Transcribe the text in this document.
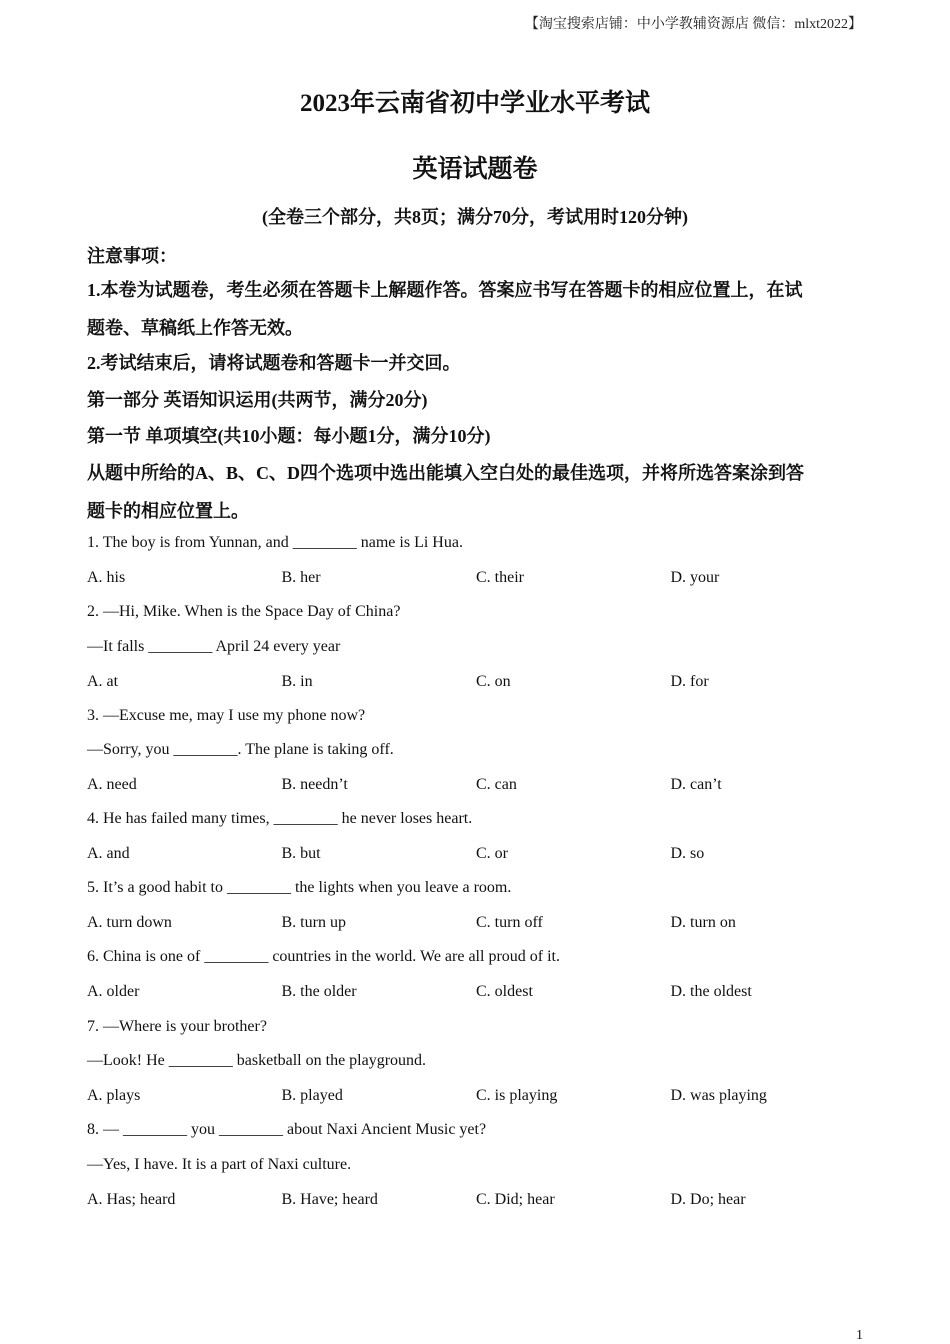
【淘宝搜索店铺：中小学教辅资源店 微信：mlxt2022】
2023年云南省初中学业水平考试
英语试题卷
(全卷三个部分，共8页；满分70分，考试用时120分钟)
注意事项：
1.本卷为试题卷，考生必须在答题卡上解题作答。答案应书写在答题卡的相应位置上，在试
题卷、草稿纸上作答无效。
2.考试结束后，请将试题卷和答题卡一并交回。
第一部分 英语知识运用(共两节，满分20分)
第一节 单项填空(共10小题：每小题1分，满分10分)
从题中所给的A、B、C、D四个选项中选出能填入空白处的最佳选项，并将所选答案涂到答
题卡的相应位置上。
1. The boy is from Yunnan, and ________ name is Li Hua.
A. his	B. her	C. their	D. your
2. —Hi, Mike. When is the Space Day of China?
—It falls ________ April 24 every year
A. at	B. in	C. on	D. for
3. —Excuse me, may I use my phone now?
—Sorry, you ________. The plane is taking off.
A. need	B. needn’t	C. can	D. can’t
4. He has failed many times, ________ he never loses heart.
A. and	B. but	C. or	D. so
5. It’s a good habit to ________ the lights when you leave a room.
A. turn down	B. turn up	C. turn off	D. turn on
6. China is one of ________ countries in the world. We are all proud of it.
A. older	B. the older	C. oldest	D. the oldest
7. —Where is your brother?
—Look! He ________ basketball on the playground.
A. plays	B. played	C. is playing	D. was playing
8. — ________ you ________ about Naxi Ancient Music yet?
—Yes, I have. It is a part of Naxi culture.
A. Has; heard	B. Have; heard	C. Did; hear	D. Do; hear
1
